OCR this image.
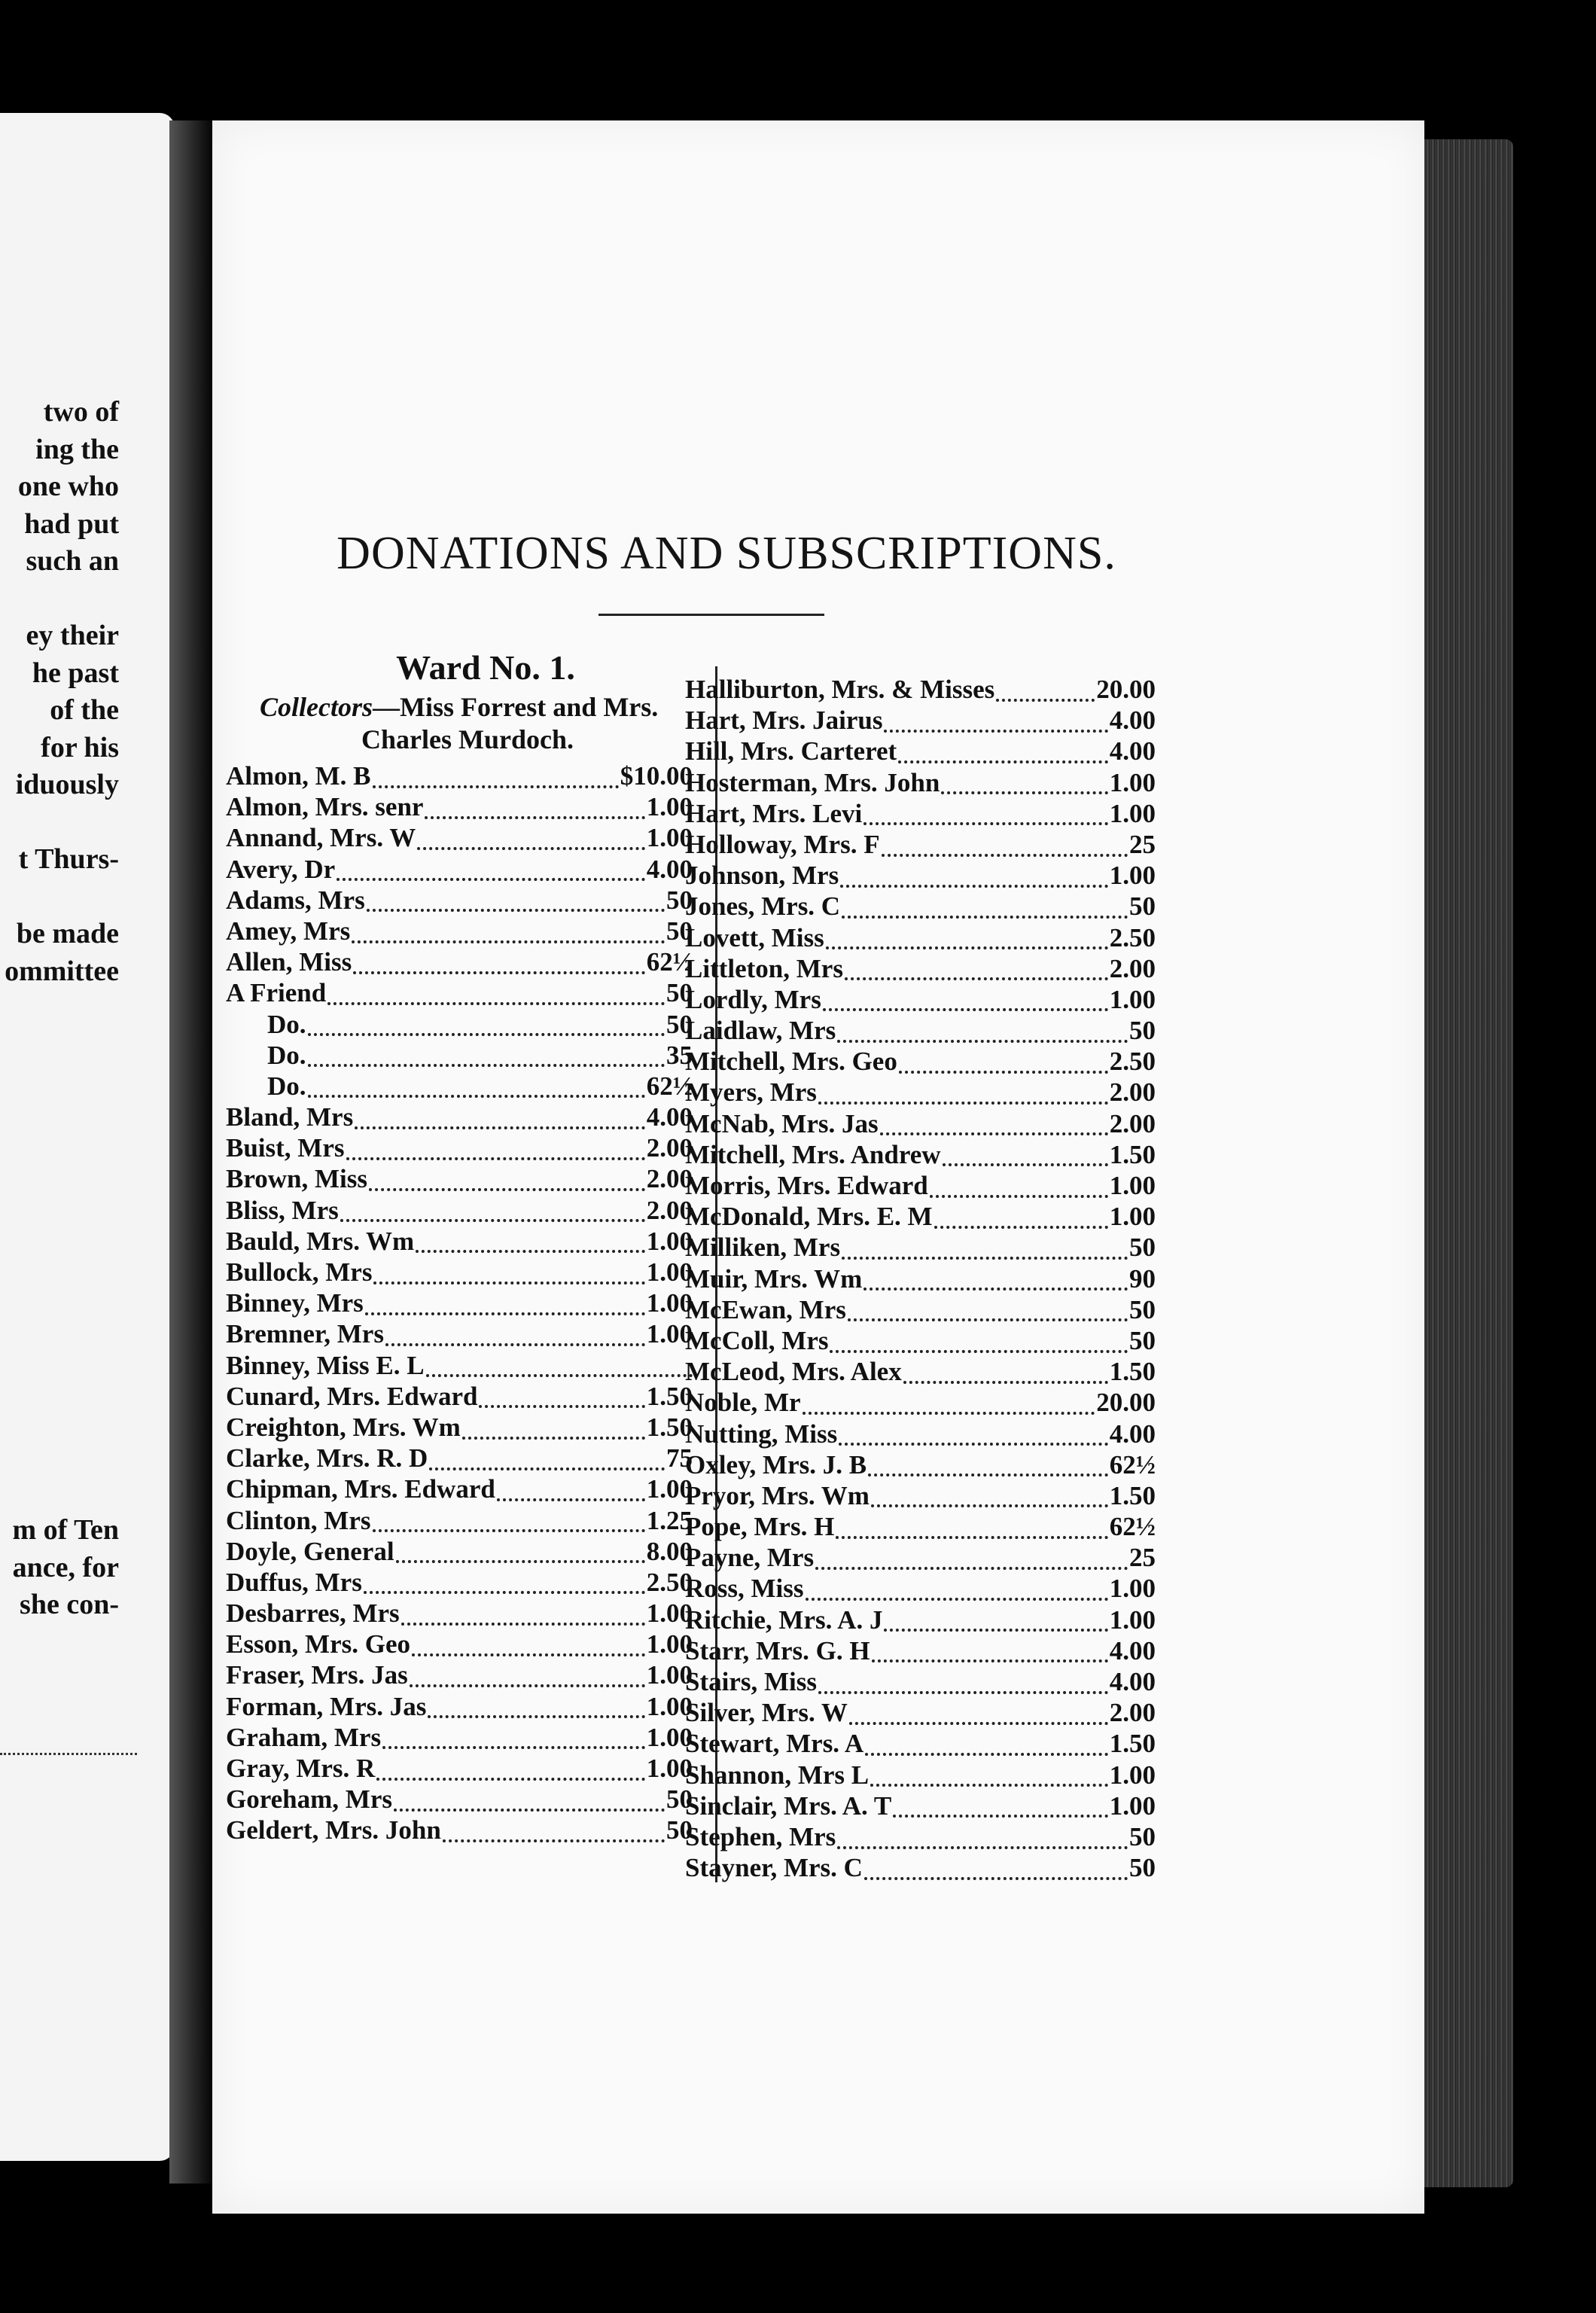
two of
ing the
one who
had put
such an
ey their
he past
of the
for his
iduously
t Thurs-
be made
ommittee
m of Ten
ance, for
she con-
DONATIONS AND SUBSCRIPTIONS.
Ward No. 1.
Collectors—Miss Forrest and Mrs.
Charles Murdoch.
Almon, M. B	$10.00
Almon, Mrs. senr	1.00
Annand, Mrs. W	1.00
Avery, Dr	4.00
Adams, Mrs	50
Amey, Mrs	50
Allen, Miss	62½
A Friend	50
Do.	50
Do.	35
Do.	62½
Bland, Mrs	4.00
Buist, Mrs	2.00
Brown, Miss	2.00
Bliss, Mrs	2.00
Bauld, Mrs. Wm	1.00
Bullock, Mrs	1.00
Binney, Mrs	1.00
Bremner, Mrs	1.00
Binney, Miss E. L
Cunard, Mrs. Edward	1.50
Creighton, Mrs. Wm	1.50
Clarke, Mrs. R. D	75
Chipman, Mrs. Edward	1.00
Clinton, Mrs	1.25
Doyle, General	8.00
Duffus, Mrs	2.50
Desbarres, Mrs	1.00
Esson, Mrs. Geo	1.00
Fraser, Mrs. Jas	1.00
Forman, Mrs. Jas	1.00
Graham, Mrs	1.00
Gray, Mrs. R	1.00
Goreham, Mrs	50
Geldert, Mrs. John	50
Halliburton, Mrs. & Misses	20.00
Hart, Mrs. Jairus	4.00
Hill, Mrs. Carteret	4.00
Hosterman, Mrs. John	1.00
Hart, Mrs. Levi	1.00
Holloway, Mrs. F	25
Johnson, Mrs	1.00
Jones, Mrs. C	50
Lovett, Miss	2.50
Littleton, Mrs	2.00
Lordly, Mrs	1.00
Laidlaw, Mrs	50
Mitchell, Mrs. Geo	2.50
Myers, Mrs	2.00
McNab, Mrs. Jas	2.00
Mitchell, Mrs. Andrew	1.50
Morris, Mrs. Edward	1.00
McDonald, Mrs. E. M	1.00
Milliken, Mrs	50
Muir, Mrs. Wm	90
McEwan, Mrs	50
McColl, Mrs	50
McLeod, Mrs. Alex	1.50
Noble, Mr	20.00
Nutting, Miss	4.00
Oxley, Mrs. J. B	62½
Pryor, Mrs. Wm	1.50
Pope, Mrs. H	62½
Payne, Mrs	25
Ross, Miss	1.00
Ritchie, Mrs. A. J	1.00
Starr, Mrs. G. H	4.00
Stairs, Miss	4.00
Silver, Mrs. W	2.00
Stewart, Mrs. A	1.50
Shannon, Mrs L	1.00
Sinclair, Mrs. A. T	1.00
Stephen, Mrs	50
Stayner, Mrs. C	50
